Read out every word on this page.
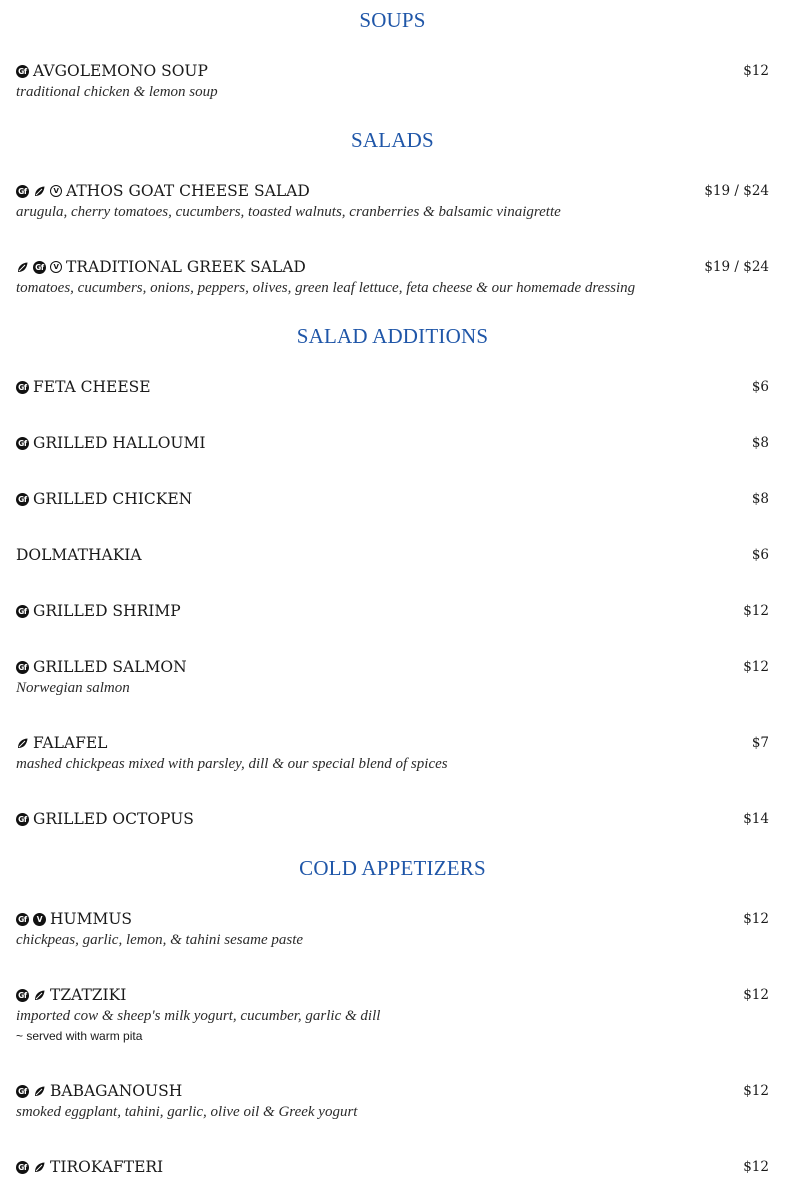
SOUPS
Gf AVGOLEMONO SOUP	$12
traditional chicken & lemon soup
SALADS
Gf	V ATHOS GOAT CHEESE SALAD	$19 / $24
arugula, cherry tomatoes, cucumbers, toasted walnuts, cranberries & balsamic vinaigrette
Gf	V TRADITIONAL GREEK SALAD	$19 / $24
tomatoes, cucumbers, onions, peppers, olives, green leaf lettuce, feta cheese & our homemade dressing
SALAD ADDITIONS
Gf FETA CHEESE	$6
Gf GRILLED HALLOUMI	$8
Gf GRILLED CHICKEN	$8
DOLMATHAKIA	$6
Gf GRILLED SHRIMP	$12
Gf GRILLED SALMON	$12
Norwegian salmon
FALAFEL	$7
mashed chickpeas mixed with parsley, dill & our special blend of spices
Gf GRILLED OCTOPUS	$14
COLD APPETIZERS
Gf	V HUMMUS	$12
chickpeas, garlic, lemon, & tahini sesame paste
Gf TZATZIKI	$12
imported cow & sheep's milk yogurt, cucumber, garlic & dill
~ served with warm pita
Gf BABAGANOUSH	$12
smoked eggplant, tahini, garlic, olive oil & Greek yogurt
Gf TIROKAFTERI	$12
